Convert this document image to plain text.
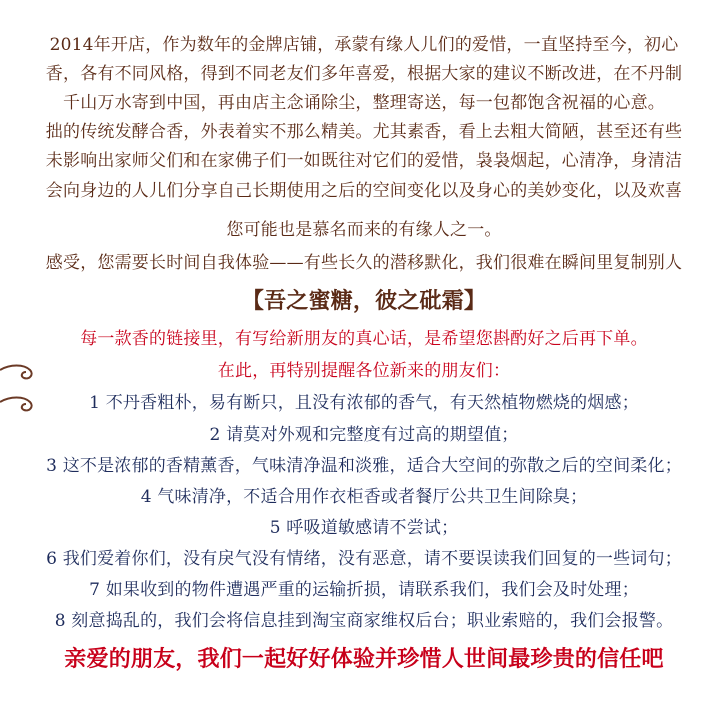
2014年开店，作为数年的金牌店铺，承蒙有缘人儿们的爱惜，一直坚持至今，初心
香，各有不同风格，得到不同老友们多年喜爱，根据大家的建议不断改进，在不丹制
千山万水寄到中国，再由店主念诵除尘，整理寄送，每一包都饱含祝福的心意。
拙的传统发酵合香，外表着实不那么精美。尤其素香，看上去粗大简陋，甚至还有些
未影响出家师父们和在家佛子们一如既往对它们的爱惜，袅袅烟起，心清净，身清洁
会向身边的人儿们分享自己长期使用之后的空间变化以及身心的美妙变化，以及欢喜
您可能也是慕名而来的有缘人之一。
感受，您需要长时间自我体验——有些长久的潜移默化，我们很难在瞬间里复制别人
【吾之蜜糖，彼之砒霜】
每一款香的链接里，有写给新朋友的真心话，是希望您斟酌好之后再下单。
在此，再特别提醒各位新来的朋友们：
1 不丹香粗朴，易有断只，且没有浓郁的香气，有天然植物燃烧的烟感；
2 请莫对外观和完整度有过高的期望值；
3 这不是浓郁的香精薰香，气味清净温和淡雅，适合大空间的弥散之后的空间柔化；
4 气味清净，不适合用作衣柜香或者餐厅公共卫生间除臭；
5 呼吸道敏感请不尝试；
6 我们爱着你们，没有戾气没有情绪，没有恶意，请不要误读我们回复的一些词句；
7 如果收到的物件遭遇严重的运输折损，请联系我们，我们会及时处理；
8 刻意捣乱的，我们会将信息挂到淘宝商家维权后台；职业索赔的，我们会报警。
亲爱的朋友，我们一起好好体验并珍惜人世间最珍贵的信任吧
